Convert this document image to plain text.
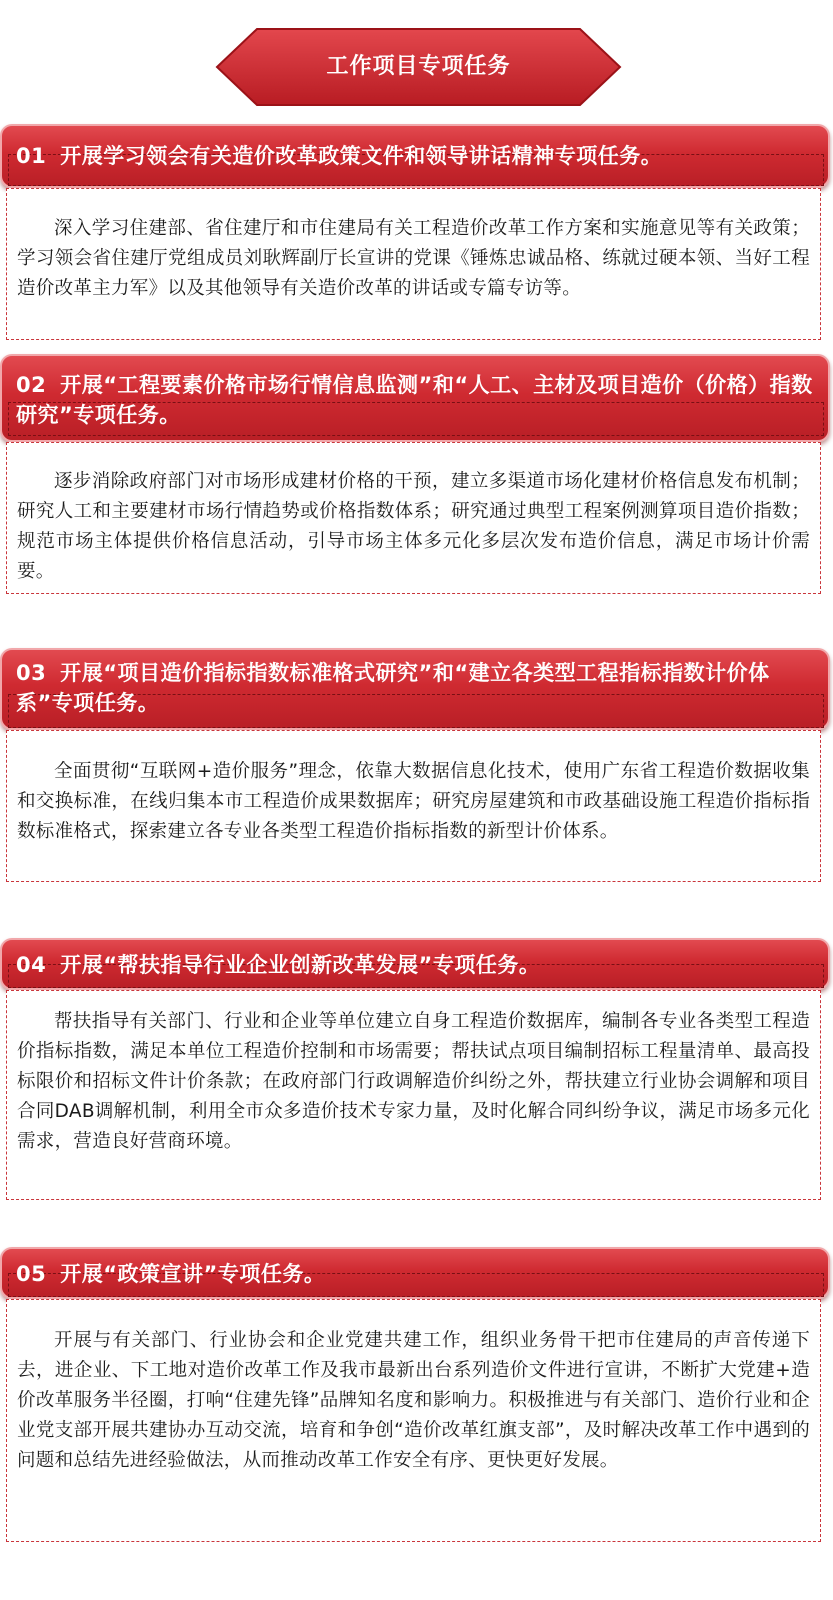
工作项目专项任务
01 开展学习领会有关造价改革政策文件和领导讲话精神专项任务。
深入学习住建部、省住建厅和市住建局有关工程造价改革工作方案和实施意见等有关政策；学习领会省住建厅党组成员刘耿辉副厅长宣讲的党课《锤炼忠诚品格、练就过硬本领、当好工程造价改革主力军》以及其他领导有关造价改革的讲话或专篇专访等。
02 开展“工程要素价格市场行情信息监测”和“人工、主材及项目造价（价格）指数研究”专项任务。
逐步消除政府部门对市场形成建材价格的干预，建立多渠道市场化建材价格信息发布机制；研究人工和主要建材市场行情趋势或价格指数体系；研究通过典型工程案例测算项目造价指数；规范市场主体提供价格信息活动，引导市场主体多元化多层次发布造价信息，满足市场计价需要。
03 开展“项目造价指标指数标准格式研究”和“建立各类型工程指标指数计价体系”专项任务。
全面贯彻“互联网+造价服务”理念，依靠大数据信息化技术，使用广东省工程造价数据收集和交换标准，在线归集本市工程造价成果数据库；研究房屋建筑和市政基础设施工程造价指标指数标准格式，探索建立各专业各类型工程造价指标指数的新型计价体系。
04 开展“帮扶指导行业企业创新改革发展”专项任务。
帮扶指导有关部门、行业和企业等单位建立自身工程造价数据库，编制各专业各类型工程造价指标指数，满足本单位工程造价控制和市场需要；帮扶试点项目编制招标工程量清单、最高投标限价和招标文件计价条款；在政府部门行政调解造价纠纷之外，帮扶建立行业协会调解和项目合同DAB调解机制，利用全市众多造价技术专家力量，及时化解合同纠纷争议，满足市场多元化需求，营造良好营商环境。
05 开展“政策宣讲”专项任务。
开展与有关部门、行业协会和企业党建共建工作，组织业务骨干把市住建局的声音传递下去，进企业、下工地对造价改革工作及我市最新出台系列造价文件进行宣讲，不断扩大党建+造价改革服务半径圈，打响“住建先锋”品牌知名度和影响力。积极推进与有关部门、造价行业和企业党支部开展共建协办互动交流，培育和争创“造价改革红旗支部”，及时解决改革工作中遇到的问题和总结先进经验做法，从而推动改革工作安全有序、更快更好发展。
